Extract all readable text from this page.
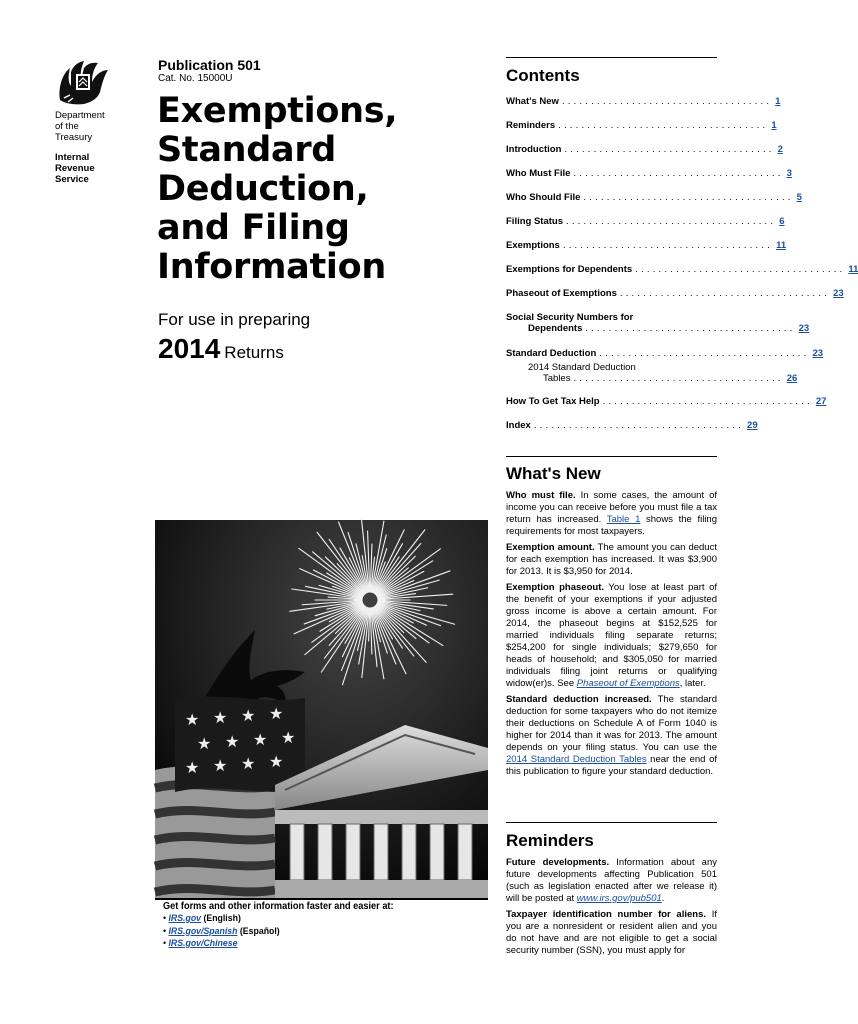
Department
of the
Treasury
Internal
Revenue
Service
Publication 501
Cat. No. 15000U
Exemptions,
Standard
Deduction,
and Filing
Information
For use in preparing
2014 Returns
★ ★ ★ ★
★ ★ ★ ★
★ ★ ★ ★
Get forms and other information faster and easier at:
• IRS.gov (English)
• IRS.gov/Spanish (Español)
• IRS.gov/Chinese
Contents
What's New .................................... 1
Reminders .................................... 1
Introduction .................................... 2
Who Must File .................................... 3
Who Should File .................................... 5
Filing Status .................................... 6
Exemptions .................................... 11
Exemptions for Dependents .................................... 11
Phaseout of Exemptions .................................... 23
Social Security Numbers for
Dependents .................................... 23
Standard Deduction .................................... 23
2014 Standard Deduction
Tables .................................... 26
How To Get Tax Help .................................... 27
Index .................................... 29
What's New

Who must file. In some cases, the amount of income you can receive before you must file a tax return has increased. Table 1 shows the filing requirements for most taxpayers.

Exemption amount. The amount you can deduct for each exemption has increased. It was $3,900 for 2013. It is $3,950 for 2014.

Exemption phaseout. You lose at least part of the benefit of your exemptions if your adjusted gross income is above a certain amount. For 2014, the phaseout begins at $152,525 for married individuals filing separate returns; $254,200 for single individuals; $279,650 for heads of household; and $305,050 for married individuals filing joint returns or qualifying widow(er)s. See Phaseout of Exemptions, later.

Standard deduction increased. The standard deduction for some taxpayers who do not itemize their deductions on Schedule A of Form 1040 is higher for 2014 than it was for 2013. The amount depends on your filing status. You can use the 2014 Standard Deduction Tables near the end of this publication to figure your standard deduction.

Reminders

Future developments. Information about any future developments affecting Publication 501 (such as legislation enacted after we release it) will be posted at www.irs.gov/pub501.

Taxpayer identification number for aliens. If you are a nonresident or resident alien and you do not have and are not eligible to get a social security number (SSN), you must apply for
